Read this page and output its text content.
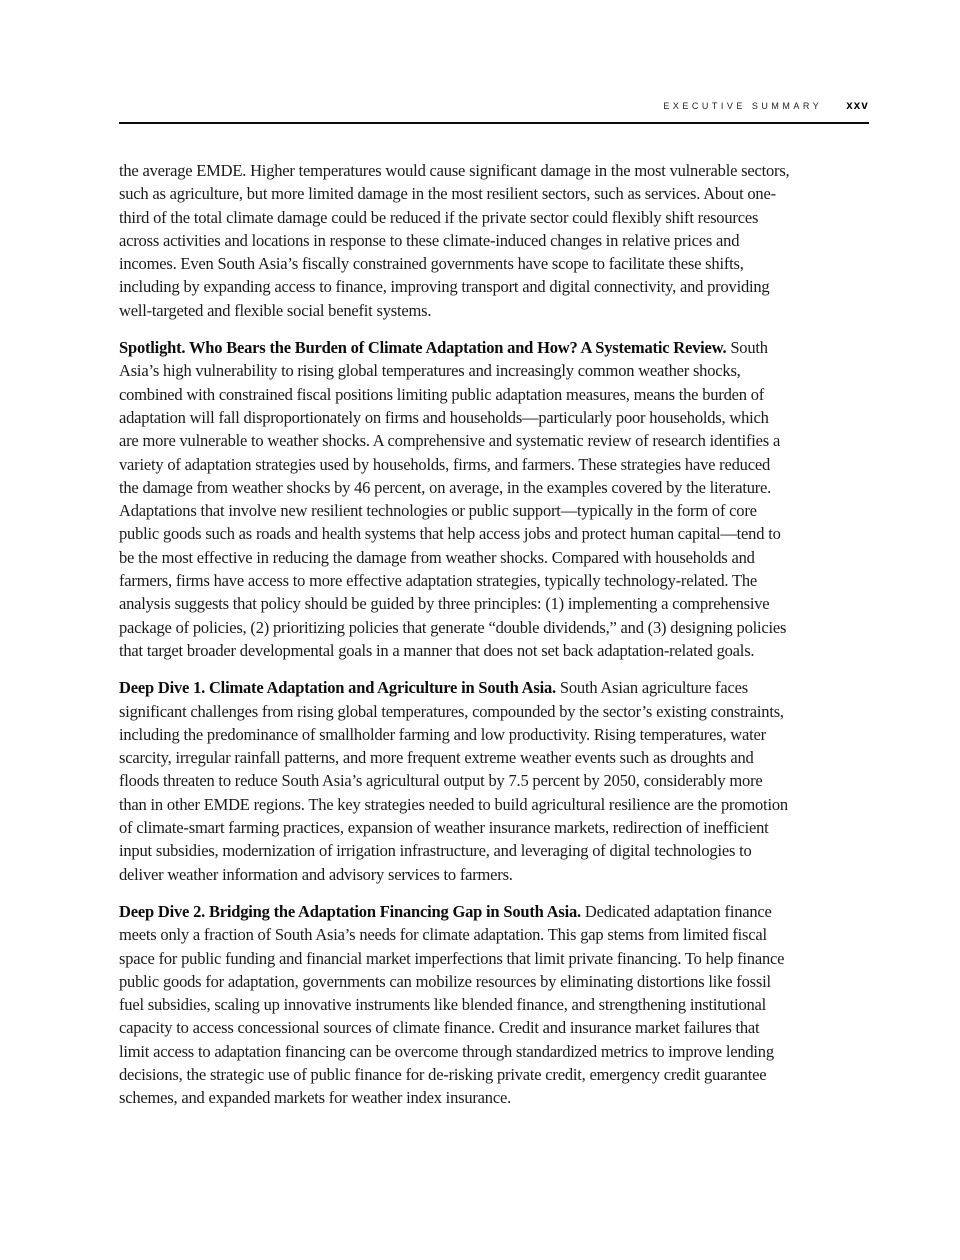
EXECUTIVE SUMMARY xxv

the average EMDE. Higher temperatures would cause significant damage in the most vulnerable sectors, such as agriculture, but more limited damage in the most resilient sectors, such as services. About one-third of the total climate damage could be reduced if the private sector could flexibly shift resources across activities and locations in response to these climate-induced changes in relative prices and incomes. Even South Asia’s fiscally constrained governments have scope to facilitate these shifts, including by expanding access to finance, improving transport and digital connectivity, and providing well-targeted and flexible social benefit systems.

Spotlight. Who Bears the Burden of Climate Adaptation and How? A Systematic Review. South Asia’s high vulnerability to rising global temperatures and increasingly common weather shocks, combined with constrained fiscal positions limiting public adaptation measures, means the burden of adaptation will fall disproportionately on firms and households—particularly poor households, which are more vulnerable to weather shocks. A comprehensive and systematic review of research identifies a variety of adaptation strategies used by households, firms, and farmers. These strategies have reduced the damage from weather shocks by 46 percent, on average, in the examples covered by the literature. Adaptations that involve new resilient technologies or public support—typically in the form of core public goods such as roads and health systems that help access jobs and protect human capital—tend to be the most effective in reducing the damage from weather shocks. Compared with households and farmers, firms have access to more effective adaptation strategies, typically technology-related. The analysis suggests that policy should be guided by three principles: (1) implementing a comprehensive package of policies, (2) prioritizing policies that generate “double dividends,” and (3) designing policies that target broader developmental goals in a manner that does not set back adaptation-related goals.

Deep Dive 1. Climate Adaptation and Agriculture in South Asia. South Asian agriculture faces significant challenges from rising global temperatures, compounded by the sector’s existing constraints, including the predominance of smallholder farming and low productivity. Rising temperatures, water scarcity, irregular rainfall patterns, and more frequent extreme weather events such as droughts and floods threaten to reduce South Asia’s agricultural output by 7.5 percent by 2050, considerably more than in other EMDE regions. The key strategies needed to build agricultural resilience are the promotion of climate-smart farming practices, expansion of weather insurance markets, redirection of inefficient input subsidies, modernization of irrigation infrastructure, and leveraging of digital technologies to deliver weather information and advisory services to farmers.

Deep Dive 2. Bridging the Adaptation Financing Gap in South Asia. Dedicated adaptation finance meets only a fraction of South Asia’s needs for climate adaptation. This gap stems from limited fiscal space for public funding and financial market imperfections that limit private financing. To help finance public goods for adaptation, governments can mobilize resources by eliminating distortions like fossil fuel subsidies, scaling up innovative instruments like blended finance, and strengthening institutional capacity to access concessional sources of climate finance. Credit and insurance market failures that limit access to adaptation financing can be overcome through standardized metrics to improve lending decisions, the strategic use of public finance for de-risking private credit, emergency credit guarantee schemes, and expanded markets for weather index insurance.
